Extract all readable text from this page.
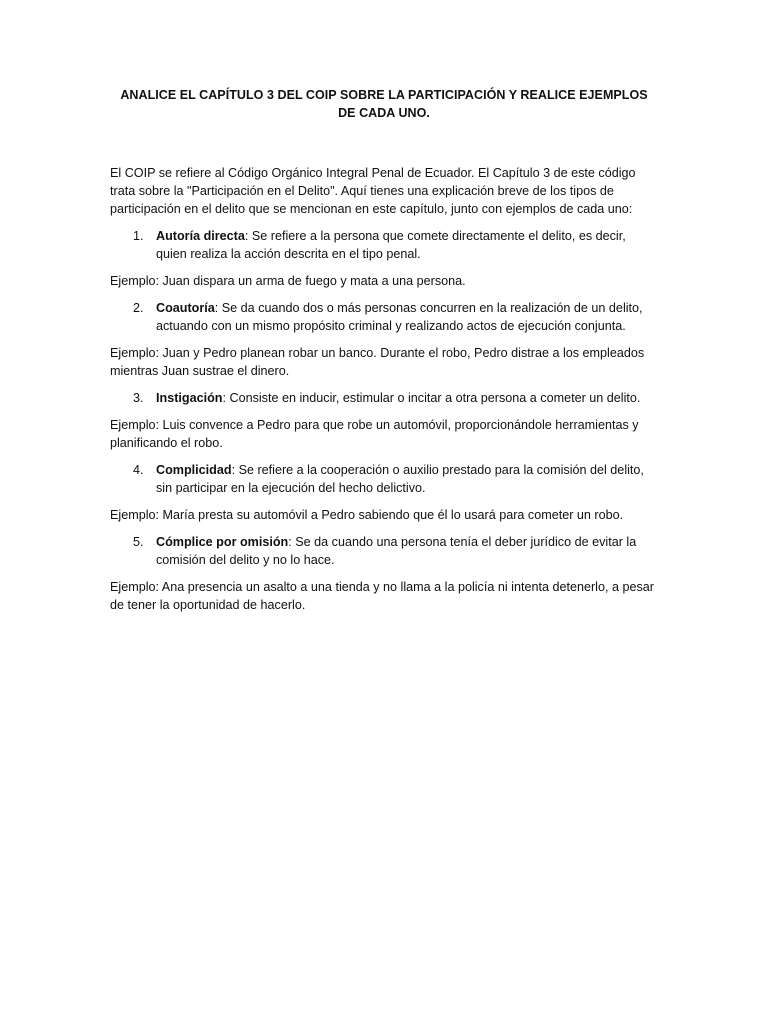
ANALICE EL CAPÍTULO 3 DEL COIP SOBRE LA PARTICIPACIÓN Y REALICE EJEMPLOS DE CADA UNO.

El COIP se refiere al Código Orgánico Integral Penal de Ecuador. El Capítulo 3 de este código trata sobre la "Participación en el Delito". Aquí tienes una explicación breve de los tipos de participación en el delito que se mencionan en este capítulo, junto con ejemplos de cada uno:

1. Autoría directa: Se refiere a la persona que comete directamente el delito, es decir, quien realiza la acción descrita en el tipo penal.

Ejemplo: Juan dispara un arma de fuego y mata a una persona.

2. Coautoría: Se da cuando dos o más personas concurren en la realización de un delito, actuando con un mismo propósito criminal y realizando actos de ejecución conjunta.

Ejemplo: Juan y Pedro planean robar un banco. Durante el robo, Pedro distrae a los empleados mientras Juan sustrae el dinero.

3. Instigación: Consiste en inducir, estimular o incitar a otra persona a cometer un delito.

Ejemplo: Luis convence a Pedro para que robe un automóvil, proporcionándole herramientas y planificando el robo.

4. Complicidad: Se refiere a la cooperación o auxilio prestado para la comisión del delito, sin participar en la ejecución del hecho delictivo.

Ejemplo: María presta su automóvil a Pedro sabiendo que él lo usará para cometer un robo.

5. Cómplice por omisión: Se da cuando una persona tenía el deber jurídico de evitar la comisión del delito y no lo hace.

Ejemplo: Ana presencia un asalto a una tienda y no llama a la policía ni intenta detenerlo, a pesar de tener la oportunidad de hacerlo.
